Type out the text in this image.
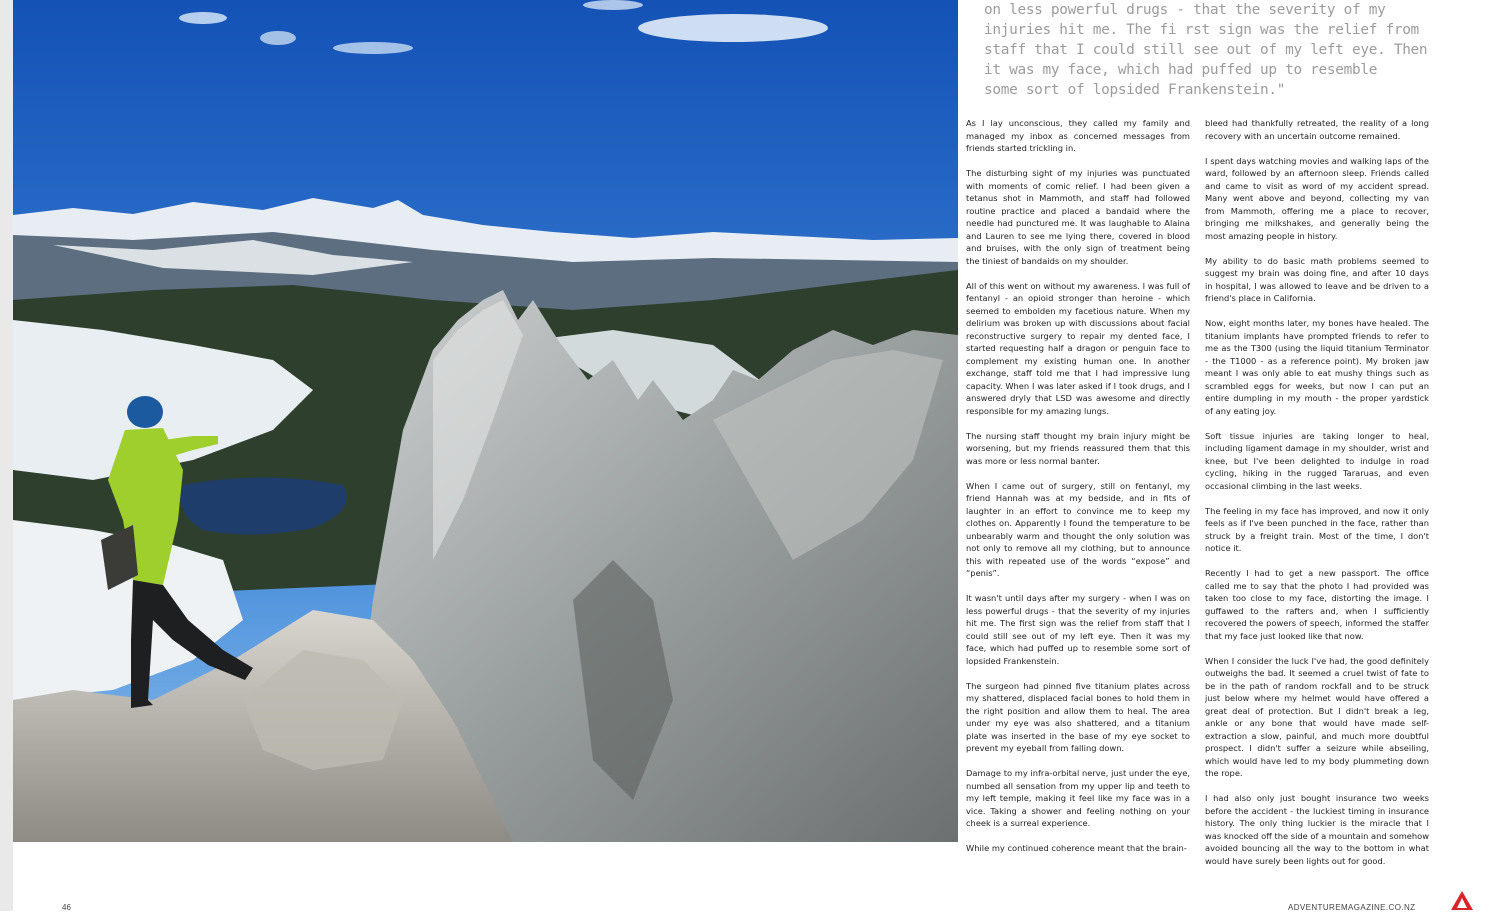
on less powerful drugs - that the severity of my

injuries hit me. The fi rst sign was the relief from

staff that I could still see out of my left eye. Then

it was my face, which had puffed up to resemble

some sort of lopsided Frankenstein."

As I lay unconscious, they called my family and managed my inbox as concerned messages from friends started trickling in.

The disturbing sight of my injuries was punctuated with moments of comic relief. I had been given a tetanus shot in Mammoth, and staff had followed routine practice and placed a bandaid where the needle had punctured me. It was laughable to Alaina and Lauren to see me lying there, covered in blood and bruises, with the only sign of treatment being the tiniest of bandaids on my shoulder.

All of this went on without my awareness. I was full of fentanyl - an opioid stronger than heroine - which seemed to embolden my facetious nature. When my delirium was broken up with discussions about facial reconstructive surgery to repair my dented face, I started requesting half a dragon or penguin face to complement my existing human one. In another exchange, staff told me that I had impressive lung capacity. When I was later asked if I took drugs, and I answered dryly that LSD was awesome and directly responsible for my amazing lungs.

The nursing staff thought my brain injury might be worsening, but my friends reassured them that this was more or less normal banter.

When I came out of surgery, still on fentanyl, my friend Hannah was at my bedside, and in fits of laughter in an effort to convince me to keep my clothes on. Apparently I found the temperature to be unbearably warm and thought the only solution was not only to remove all my clothing, but to announce this with repeated use of the words “expose” and “penis”.

It wasn't until days after my surgery - when I was on less powerful drugs - that the severity of my injuries hit me. The first sign was the relief from staff that I could still see out of my left eye. Then it was my face, which had puffed up to resemble some sort of lopsided Frankenstein.

The surgeon had pinned five titanium plates across my shattered, displaced facial bones to hold them in the right position and allow them to heal. The area under my eye was also shattered, and a titanium plate was inserted in the base of my eye socket to prevent my eyeball from falling down.

Damage to my infra-orbital nerve, just under the eye, numbed all sensation from my upper lip and teeth to my left temple, making it feel like my face was in a vice. Taking a shower and feeling nothing on your cheek is a surreal experience.

While my continued coherence meant that the brain-

bleed had thankfully retreated, the reality of a long recovery with an uncertain outcome remained.

I spent days watching movies and walking laps of the ward, followed by an afternoon sleep. Friends called and came to visit as word of my accident spread. Many went above and beyond, collecting my van from Mammoth, offering me a place to recover, bringing me milkshakes, and generally being the most amazing people in history.

My ability to do basic math problems seemed to suggest my brain was doing fine, and after 10 days in hospital, I was allowed to leave and be driven to a friend's place in California.

Now, eight months later, my bones have healed. The titanium implants have prompted friends to refer to me as the T300 (using the liquid titanium Terminator - the T1000 - as a reference point). My broken jaw meant I was only able to eat mushy things such as scrambled eggs for weeks, but now I can put an entire dumpling in my mouth - the proper yardstick of any eating joy.

Soft tissue injuries are taking longer to heal, including ligament damage in my shoulder, wrist and knee, but I've been delighted to indulge in road cycling, hiking in the rugged Tararuas, and even occasional climbing in the last weeks.

The feeling in my face has improved, and now it only feels as if I've been punched in the face, rather than struck by a freight train. Most of the time, I don't notice it.

Recently I had to get a new passport. The office called me to say that the photo I had provided was taken too close to my face, distorting the image. I guffawed to the rafters and, when I sufficiently recovered the powers of speech, informed the staffer that my face just looked like that now.

When I consider the luck I've had, the good definitely outweighs the bad. It seemed a cruel twist of fate to be in the path of random rockfall and to be struck just below where my helmet would have offered a great deal of protection. But I didn't break a leg, ankle or any bone that would have made self-extraction a slow, painful, and much more doubtful prospect. I didn't suffer a seizure while abseiling, which would have led to my body plummeting down the rope.

I had also only just bought insurance two weeks before the accident - the luckiest timing in insurance history. The only thing luckier is the miracle that I was knocked off the side of a mountain and somehow avoided bouncing all the way to the bottom in what would have surely been lights out for good.

46	ADVENTUREMAGAZINE.CO.NZ
